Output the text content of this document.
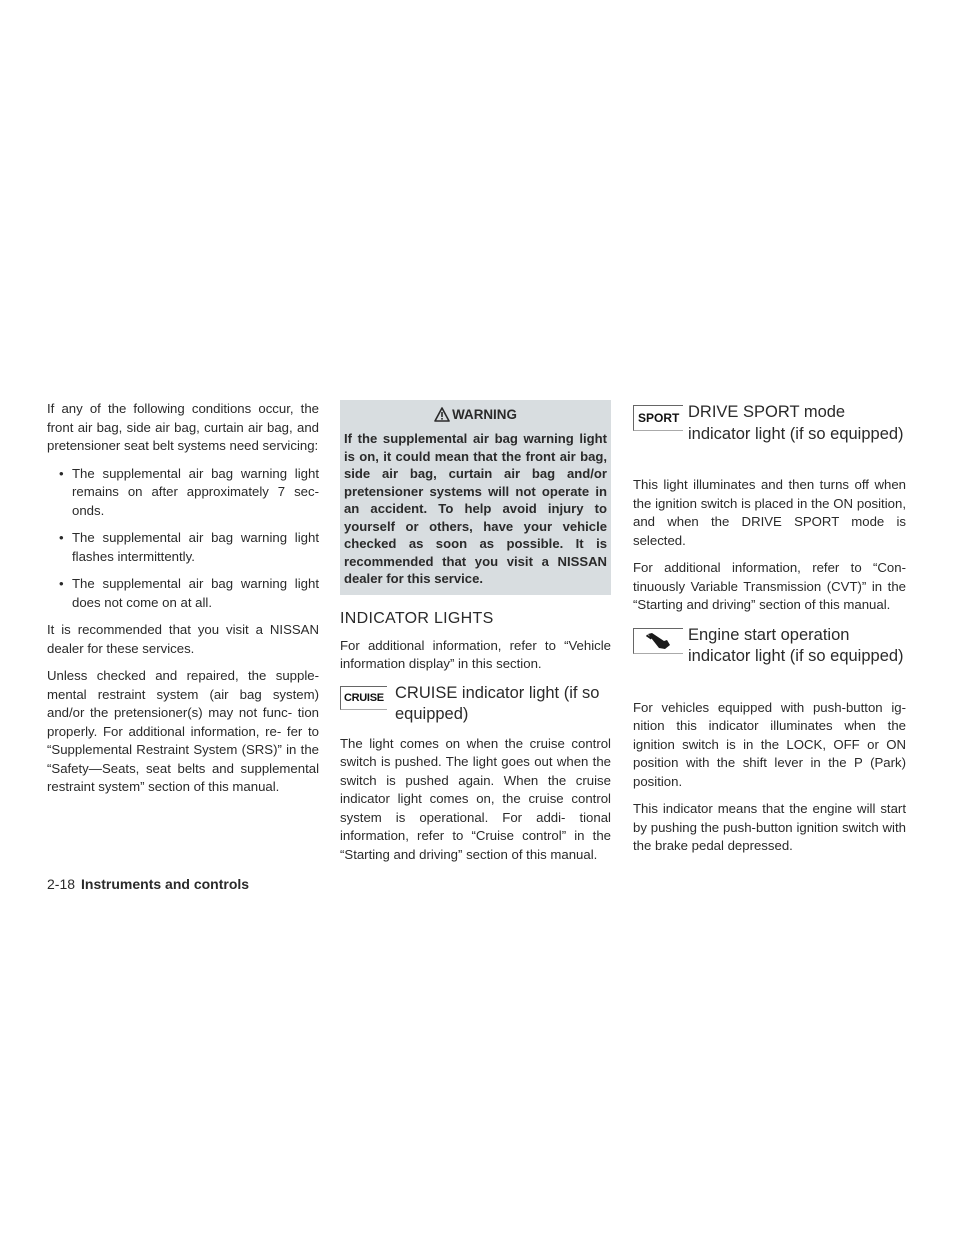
If any of the following conditions occur, the front air bag, side air bag, curtain air bag, and pretensioner seat belt systems need servicing:

• The supplemental air bag warning light remains on after approximately 7 sec- onds.
• The supplemental air bag warning light flashes intermittently.
• The supplemental air bag warning light does not come on at all.

It is recommended that you visit a NISSAN dealer for these services.

Unless checked and repaired, the supple- mental restraint system (air bag system) and/or the pretensioner(s) may not func- tion properly. For additional information, re- fer to “Supplemental Restraint System (SRS)” in the “Safety—Seats, seat belts and supplemental restraint system” section of this manual.

WARNING

If the supplemental air bag warning light is on, it could mean that the front air bag, side air bag, curtain air bag and/or pretensioner systems will not operate in an accident. To help avoid injury to yourself or others, have your vehicle checked as soon as possible. It is recommended that you visit a NISSAN dealer for this service.

INDICATOR LIGHTS

For additional information, refer to “Vehicle information display” in this section.

CRUISE CRUISE indicator light (if so equipped)

The light comes on when the cruise control switch is pushed. The light goes out when the switch is pushed again. When the cruise indicator light comes on, the cruise control system is operational. For addi- tional information, refer to “Cruise control” in the “Starting and driving” section of this manual.

SPORT DRIVE SPORT mode indicator light (if so equipped)

This light illuminates and then turns off when the ignition switch is placed in the ON position, and when the DRIVE SPORT mode is selected.

For additional information, refer to “Con- tinuously Variable Transmission (CVT)” in the “Starting and driving” section of this manual.

Engine start operation indicator light (if so equipped)

For vehicles equipped with push-button ig- nition this indicator illuminates when the ignition switch is in the LOCK, OFF or ON position with the shift lever in the P (Park) position.

This indicator means that the engine will start by pushing the push-button ignition switch with the brake pedal depressed.

2-18 Instruments and controls
